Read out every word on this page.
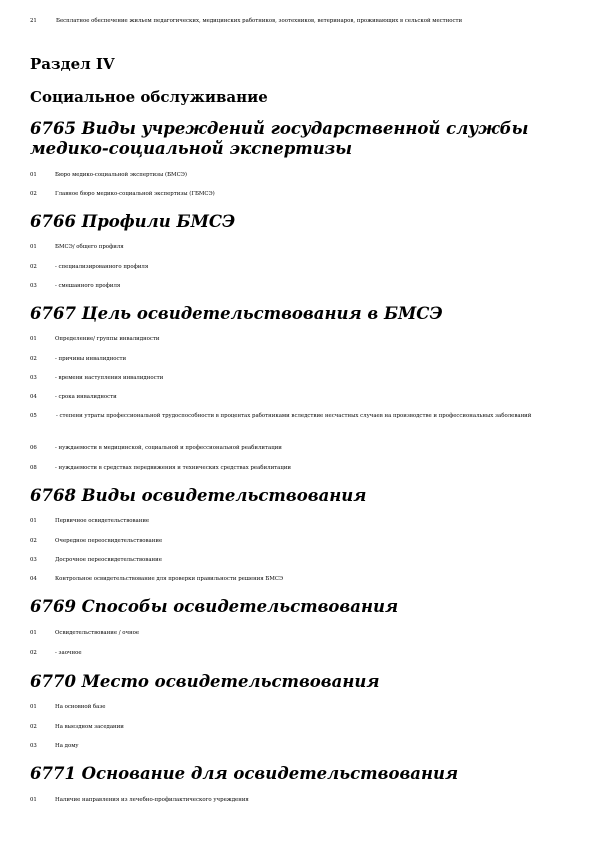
21	Бесплатное обеспечение жильем педагогических, медицинских работников, зоотехников, ветеринаров, проживающих в сельской местности
Раздел IV
Социальное обслуживание
6765 Виды учреждений государственной службы медико-социальной экспертизы
01	Бюро медико-социальной экспертизы (БМСЭ)
02	Главное бюро медико-социальной экспертизы (ГБМСЭ)
6766 Профили БМСЭ
01	БМСЭ/ общего профиля
02	- специализированного профиля
03	- смешанного профиля
6767 Цель освидетельствования в БМСЭ
01	Определение/ группы инвалидности
02	- причины инвалидности
03	- времени наступления инвалидности
04	- срока инвалидности
05	- степени утраты профессиональной трудоспособности в процентах работниками вследствие несчастных случаев на производстве и профессиональных заболеваний
06	- нуждаемости в медицинской, социальной и профессиональной реабилитации
08	- нуждаемости в средствах передвижения и технических средствах реабилитации
6768 Виды освидетельствования
01	Первичное освидетельствование
02	Очередное переосвидетельствование
03	Досрочное переосвидетельствование
04	Контрольное освидетельствование для проверки правильности решения БМСЭ
6769 Способы освидетельствования
01	Освидетельствование / очное
02	- заочное
6770 Место освидетельствования
01	На основной базе
02	На выездном заседании
03	На дому
6771 Основание для освидетельствования
01	Наличие направления из лечебно-профилактического учреждения
